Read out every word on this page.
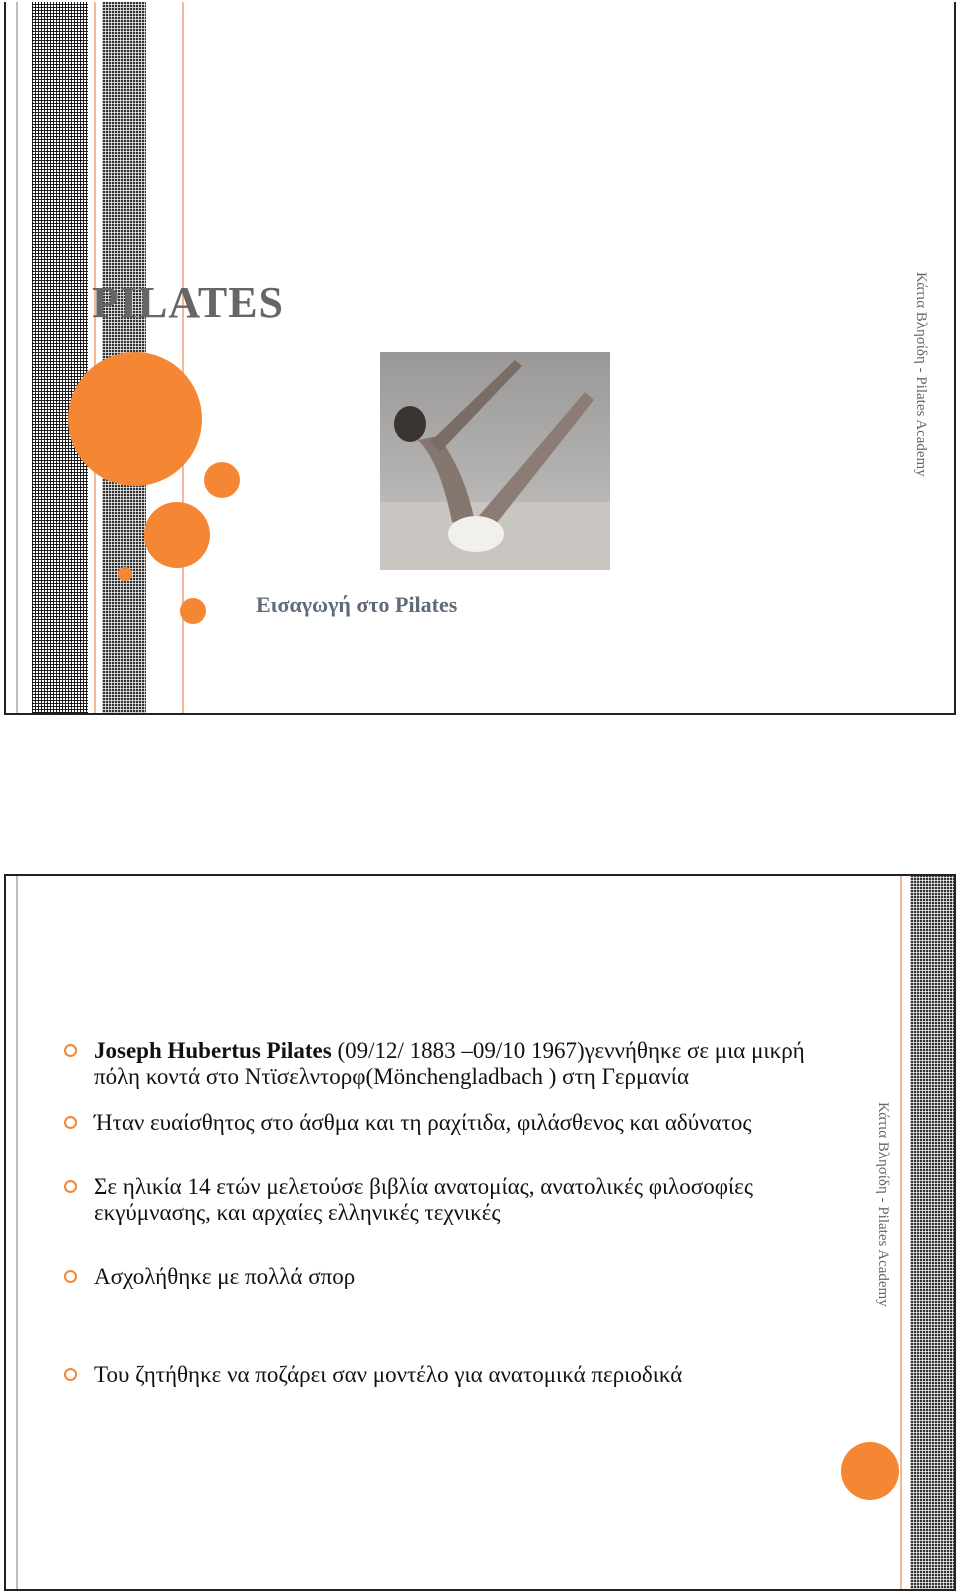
PILATES
Εισαγωγή στο Pilates
Κάτια Βλησίδη - Pilates Academy
Joseph Hubertus Pilates (09/12/ 1883 –09/10 1967)γεννήθηκε σε μια μικρή πόλη κοντά στο Ντϊσελντορφ(Mönchengladbach ) στη Γερμανία
Ήταν ευαίσθητος στο άσθμα και τη ραχίτιδα, φιλάσθενος και αδύνατος
Σε ηλικία 14 ετών μελετούσε βιβλία ανατομίας, ανατολικές φιλοσοφίες εκγύμνασης, και αρχαίες ελληνικές τεχνικές
Ασχολήθηκε με πολλά σπορ
Του ζητήθηκε να ποζάρει σαν μοντέλο για ανατομικά περιοδικά
Κάτια Βλησίδη - Pilates Academy
